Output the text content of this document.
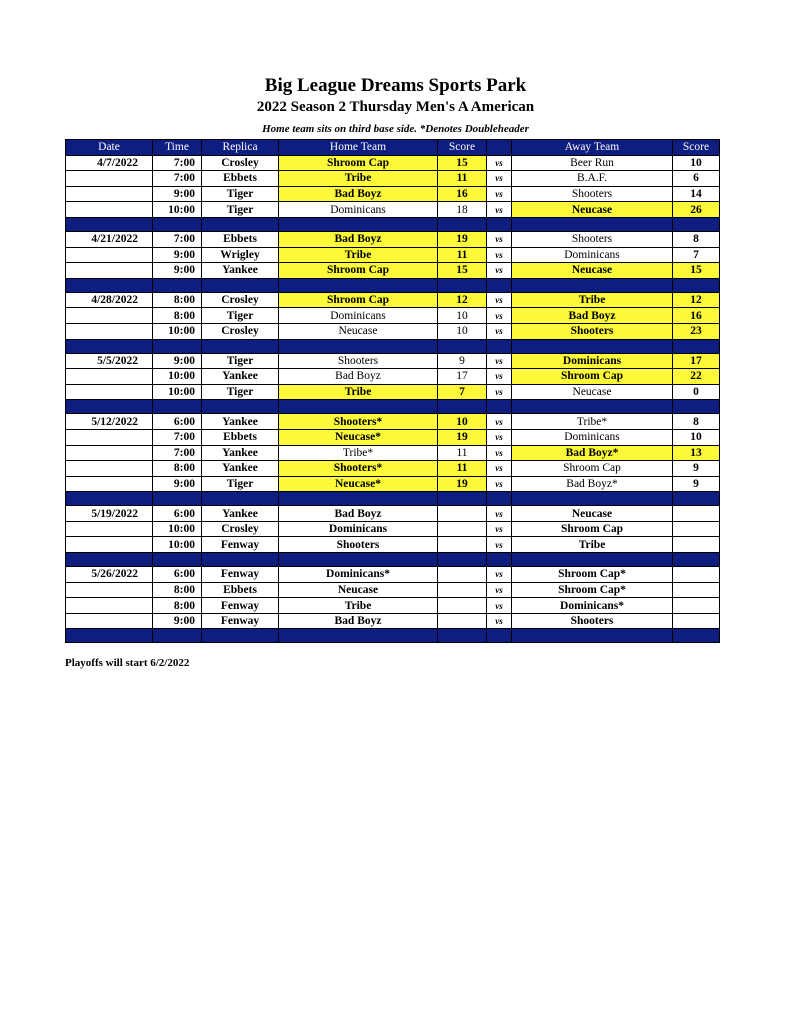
Big League Dreams Sports Park
2022 Season 2 Thursday Men's A American
Home team sits on third base side. *Denotes Doubleheader
Date	Time	Replica	Home Team	Score		Away Team	Score
4/7/2022	7:00	Crosley	Shroom Cap	15	vs	Beer Run	10
	7:00	Ebbets	Tribe	11	vs	B.A.F.	6
	9:00	Tiger	Bad Boyz	16	vs	Shooters	14
	10:00	Tiger	Dominicans	18	vs	Neucase	26

4/21/2022	7:00	Ebbets	Bad Boyz	19	vs	Shooters	8
	9:00	Wrigley	Tribe	11	vs	Dominicans	7
	9:00	Yankee	Shroom Cap	15	vs	Neucase	15

4/28/2022	8:00	Crosley	Shroom Cap	12	vs	Tribe	12
	8:00	Tiger	Dominicans	10	vs	Bad Boyz	16
	10:00	Crosley	Neucase	10	vs	Shooters	23

5/5/2022	9:00	Tiger	Shooters	9	vs	Dominicans	17
	10:00	Yankee	Bad Boyz	17	vs	Shroom Cap	22
	10:00	Tiger	Tribe	7	vs	Neucase	0

5/12/2022	6:00	Yankee	Shooters*	10	vs	Tribe*	8
	7:00	Ebbets	Neucase*	19	vs	Dominicans	10
	7:00	Yankee	Tribe*	11	vs	Bad Boyz*	13
	8:00	Yankee	Shooters*	11	vs	Shroom Cap	9
	9:00	Tiger	Neucase*	19	vs	Bad Boyz*	9

5/19/2022	6:00	Yankee	Bad Boyz		vs	Neucase	
	10:00	Crosley	Dominicans		vs	Shroom Cap	
	10:00	Fenway	Shooters		vs	Tribe	

5/26/2022	6:00	Fenway	Dominicans*		vs	Shroom Cap*	
	8:00	Ebbets	Neucase		vs	Shroom Cap*	
	8:00	Fenway	Tribe		vs	Dominicans*	
	9:00	Fenway	Bad Boyz		vs	Shooters	

Playoffs will start 6/2/2022
